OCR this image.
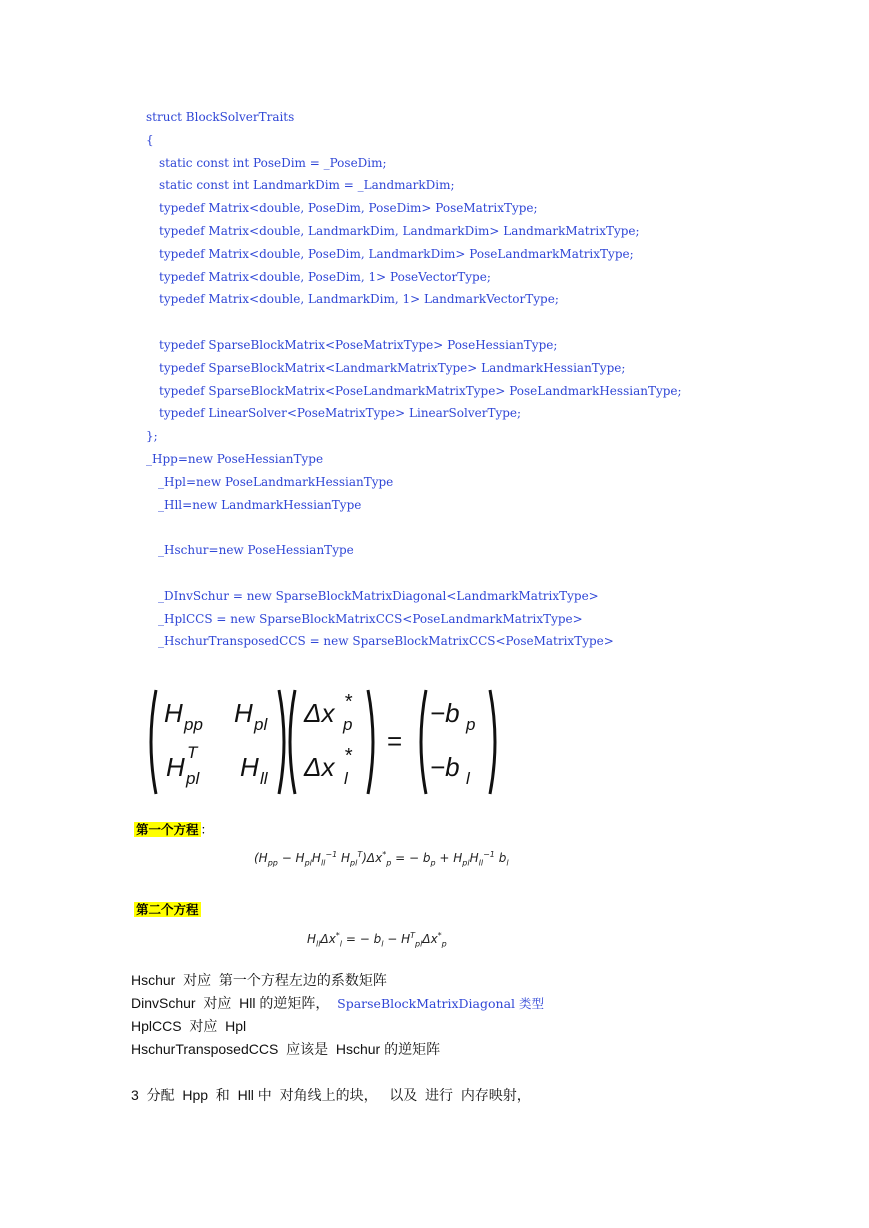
struct BlockSolverTraits
{
static const int PoseDim = _PoseDim;
static const int LandmarkDim = _LandmarkDim;
typedef Matrix<double, PoseDim, PoseDim> PoseMatrixType;
typedef Matrix<double, LandmarkDim, LandmarkDim> LandmarkMatrixType;
typedef Matrix<double, PoseDim, LandmarkDim> PoseLandmarkMatrixType;
typedef Matrix<double, PoseDim, 1> PoseVectorType;
typedef Matrix<double, LandmarkDim, 1> LandmarkVectorType;
typedef SparseBlockMatrix<PoseMatrixType> PoseHessianType;
typedef SparseBlockMatrix<LandmarkMatrixType> LandmarkHessianType;
typedef SparseBlockMatrix<PoseLandmarkMatrixType> PoseLandmarkHessianType;
typedef LinearSolver<PoseMatrixType> LinearSolverType;
};
_Hpp=new PoseHessianType
_Hpl=new PoseLandmarkHessianType
_Hll=new LandmarkHessianType
_Hschur=new PoseHessianType
_DInvSchur = new SparseBlockMatrixDiagonal<LandmarkMatrixType>
_HplCCS = new SparseBlockMatrixCCS<PoseLandmarkMatrixType>
_HschurTransposedCCS = new SparseBlockMatrixCCS<PoseMatrixType>
H pp H pl
H T
pl H ll
Δx *
p
Δx *
l
=
−b p
−b l
第一个方程 ：
($H_{pp} - H_{pl}H_{ll}^{-1}$ $H_{pl}^T)\Delta x^*_p$ = − $b_p + H_{pl}H_{ll}^{-1}$ $b_l$
第二个方程
$H_{ll}\Delta x^*_l$ = − $b_l - H^T_{pl}\Delta x^*_p$
Hschur  对应  第一个方程左边的系数矩阵
DinvSchur  对应  Hll 的逆矩阵，  SparseBlockMatrixDiagonal 类型
HplCCS  对应  Hpl
HschurTransposedCCS  应该是  Hschur 的逆矩阵
3  分配  Hpp  和  Hll 中  对角线上的块，   以及  进行  内存映射，
